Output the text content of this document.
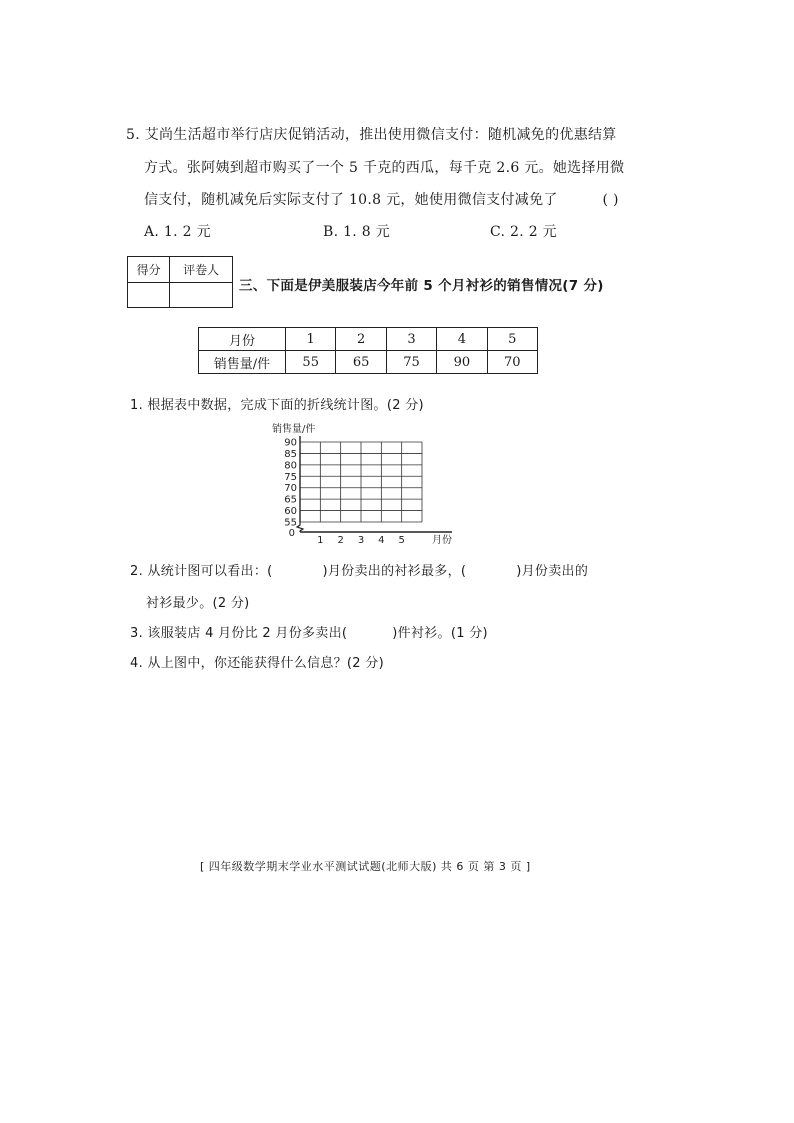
5. 艾尚生活超市举行店庆促销活动，推出使用微信支付：随机减免的优惠结算
方式。张阿姨到超市购买了一个 5 千克的西瓜，每千克 2.6 元。她选择用微
信支付，随机减免后实际支付了 10.8 元，她使用微信支付减免了	( )
A. 1. 2 元	B. 1. 8 元	C. 2. 2 元
得分	评卷人

三、下面是伊美服装店今年前 5 个月衬衫的销售情况(7 分)
月份	1	2	3	4	5
销售量/件	55	65	75	90	70
1. 根据表中数据，完成下面的折线统计图。(2 分)
销售量/件
90
85
80
75
70
65
60
55
0
1 2 3 4 5	月份
2. 从统计图可以看出：(	)月份卖出的衬衫最多，(	)月份卖出的
衬衫最少。(2 分)
3. 该服装店 4 月份比 2 月份多卖出(	)件衬衫。(1 分)
4. 从上图中，你还能获得什么信息？(2 分)
[ 四年级数学期末学业水平测试试题(北师大版) 共 6 页 第 3 页 ]
